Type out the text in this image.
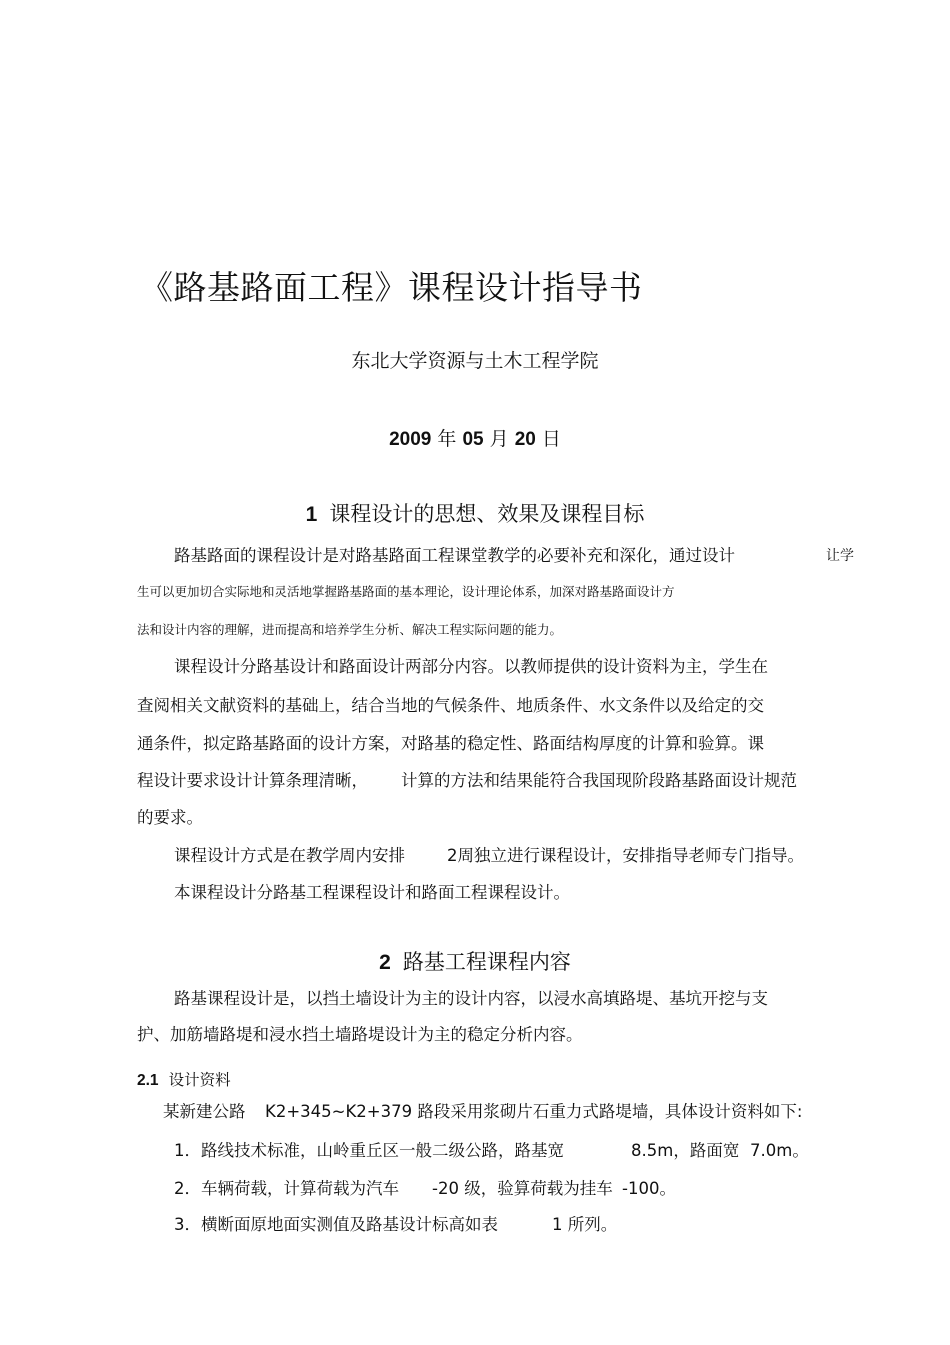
《路基路面工程》课程设计指导书
东北大学资源与土木工程学院
2009 年 05 月 20 日
1 课程设计的思想、效果及课程目标
路基路面的课程设计是对路基路面工程课堂教学的必要补充和深化，通过设计	让学
生可以更加切合实际地和灵活地掌握路基路面的基本理论，设计理论体系，加深对路基路面设计方
法和设计内容的理解，进而提高和培养学生分析、解决工程实际问题的能力。
课程设计分路基设计和路面设计两部分内容。以教师提供的设计资料为主，学生在
查阅相关文献资料的基础上，结合当地的气候条件、地质条件、水文条件以及给定的交
通条件，拟定路基路面的设计方案，对路基的稳定性、路面结构厚度的计算和验算。课
程设计要求设计计算条理清晰， 计算的方法和结果能符合我国现阶段路基路面设计规范
的要求。
课程设计方式是在教学周内安排	2周独立进行课程设计，安排指导老师专门指导。
本课程设计分路基工程课程设计和路面工程课程设计。
2 路基工程课程内容
路基课程设计是，以挡土墙设计为主的设计内容，以浸水高填路堤、基坑开挖与支
护、加筋墙路堤和浸水挡土墙路堤设计为主的稳定分析内容。
2.1 设计资料
某新建公路 K2+345~K2+379 路段采用浆砌片石重力式路堤墙，具体设计资料如下:
1．路线技术标准，山岭重丘区一般二级公路，路基宽	8.5m，路面宽 7.0m。
2．车辆荷载，计算荷载为汽车 -20 级，验算荷载为挂车 -100。
3．横断面原地面实测值及路基设计标高如表	1 所列。
